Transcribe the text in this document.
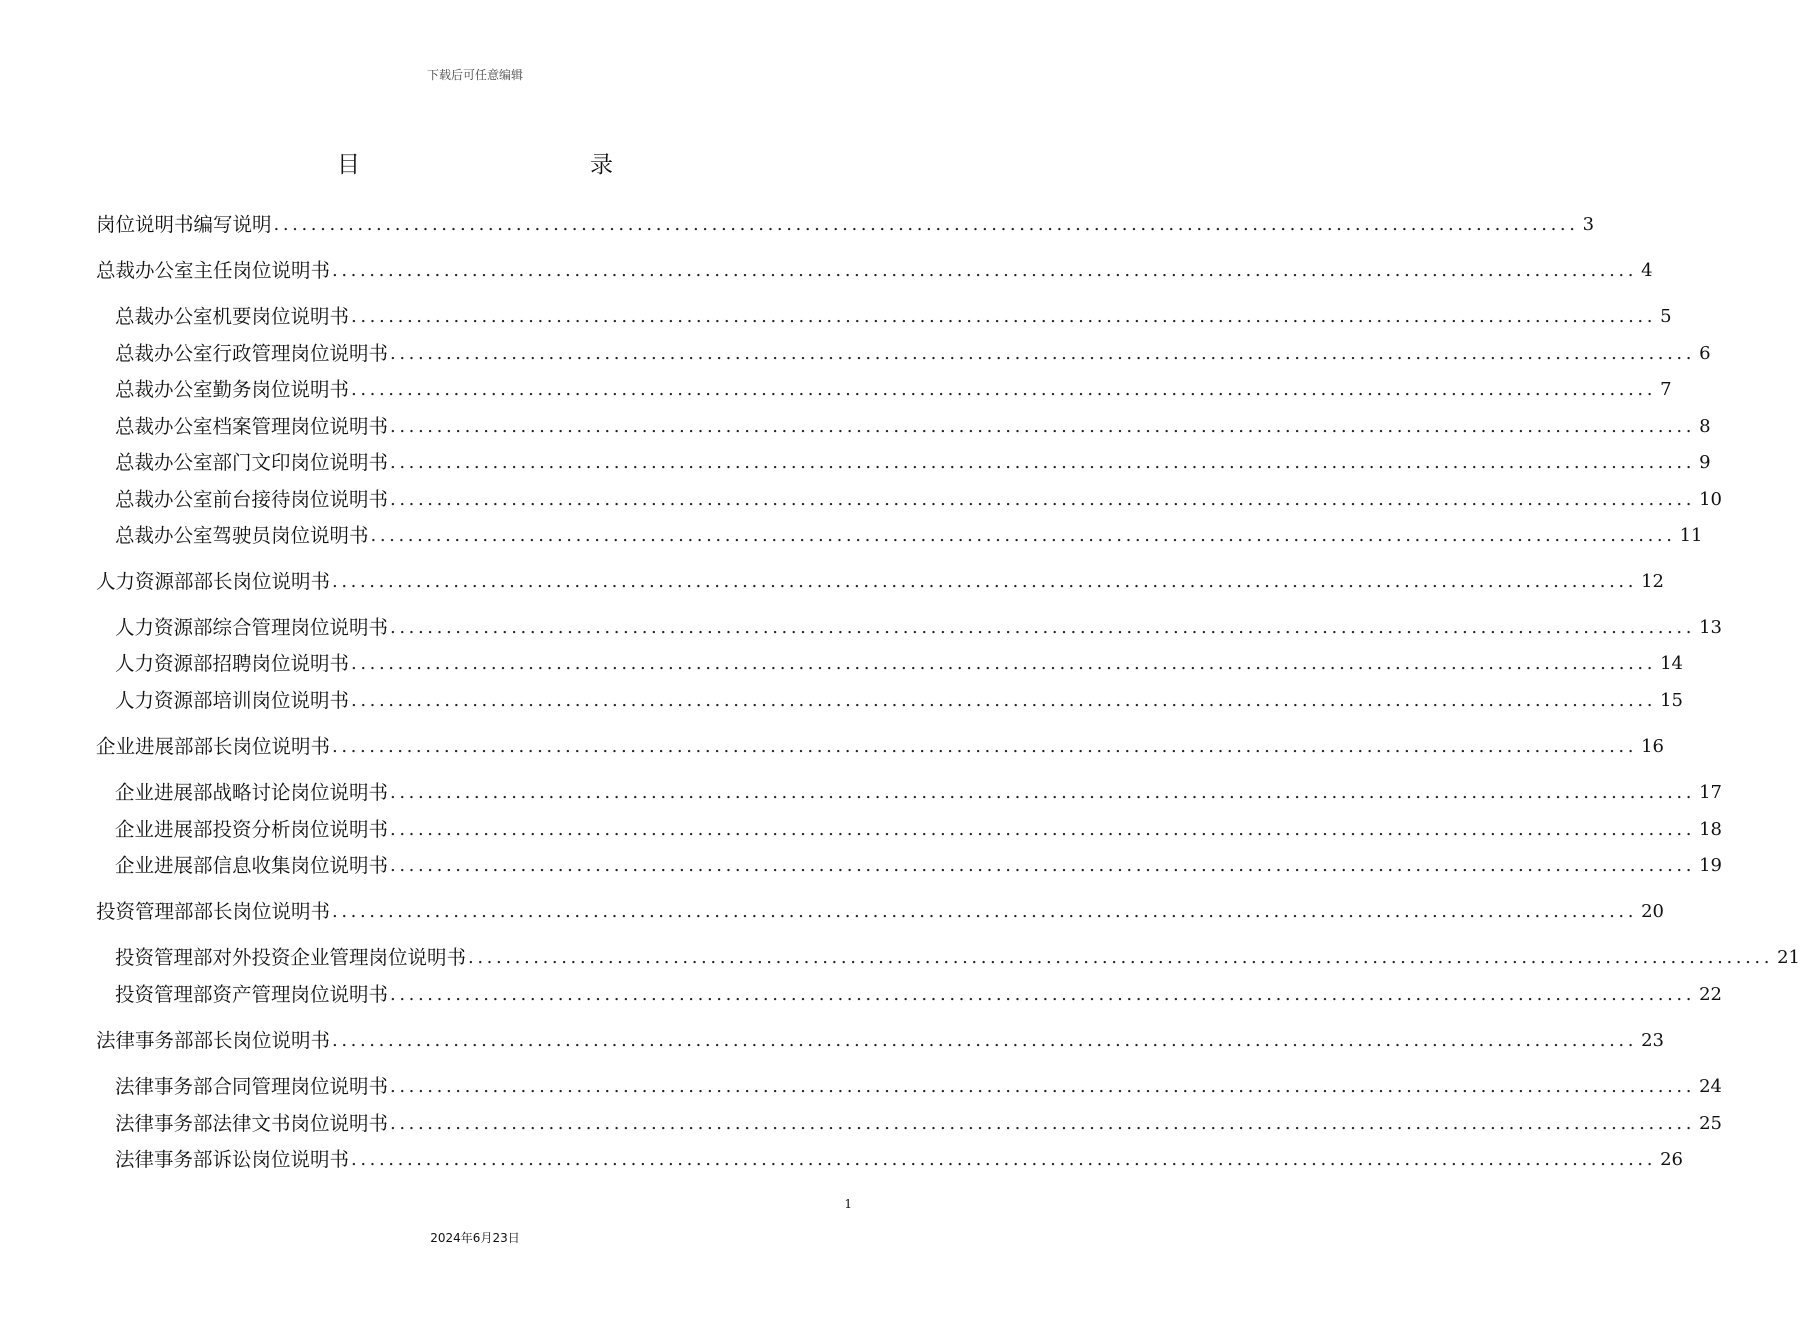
下载后可任意编辑
目	录
岗位说明书编写说明 ............................................................................................................................................ 3
总裁办公室主任岗位说明书 ............................................................................................................................................ 4
总裁办公室机要岗位说明书 ............................................................................................................................................ 5
总裁办公室行政管理岗位说明书 ............................................................................................................................................ 6
总裁办公室勤务岗位说明书 ............................................................................................................................................ 7
总裁办公室档案管理岗位说明书 ............................................................................................................................................ 8
总裁办公室部门文印岗位说明书 ............................................................................................................................................ 9
总裁办公室前台接待岗位说明书 ............................................................................................................................................ 10
总裁办公室驾驶员岗位说明书 ............................................................................................................................................ 11
人力资源部部长岗位说明书 ............................................................................................................................................ 12
人力资源部综合管理岗位说明书 ............................................................................................................................................ 13
人力资源部招聘岗位说明书 ............................................................................................................................................ 14
人力资源部培训岗位说明书 ............................................................................................................................................ 15
企业进展部部长岗位说明书 ............................................................................................................................................ 16
企业进展部战略讨论岗位说明书 ............................................................................................................................................ 17
企业进展部投资分析岗位说明书 ............................................................................................................................................ 18
企业进展部信息收集岗位说明书 ............................................................................................................................................ 19
投资管理部部长岗位说明书 ............................................................................................................................................ 20
投资管理部对外投资企业管理岗位说明书 ............................................................................................................................................ 21
投资管理部资产管理岗位说明书 ............................................................................................................................................ 22
法律事务部部长岗位说明书 ............................................................................................................................................ 23
法律事务部合同管理岗位说明书 ............................................................................................................................................ 24
法律事务部法律文书岗位说明书 ............................................................................................................................................ 25
法律事务部诉讼岗位说明书 ............................................................................................................................................ 26
1
2024年6月23日
